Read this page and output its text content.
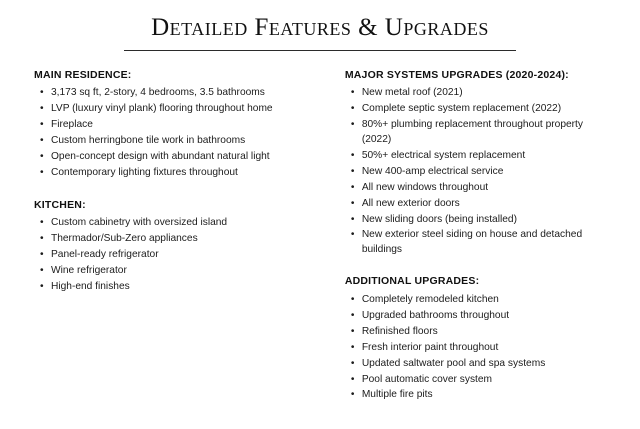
Detailed Features & Upgrades
MAIN RESIDENCE:
• 3,173 sq ft, 2-story, 4 bedrooms, 3.5 bathrooms
• LVP (luxury vinyl plank) flooring throughout home
• Fireplace
• Custom herringbone tile work in bathrooms
• Open-concept design with abundant natural light
• Contemporary lighting fixtures throughout
KITCHEN:
• Custom cabinetry with oversized island
• Thermador/Sub-Zero appliances
• Panel-ready refrigerator
• Wine refrigerator
• High-end finishes
MAJOR SYSTEMS UPGRADES (2020-2024):
• New metal roof (2021)
• Complete septic system replacement (2022)
• 80%+ plumbing replacement throughout property (2022)
• 50%+ electrical system replacement
• New 400-amp electrical service
• All new windows throughout
• All new exterior doors
• New sliding doors (being installed)
• New exterior steel siding on house and detached buildings
ADDITIONAL UPGRADES:
• Completely remodeled kitchen
• Upgraded bathrooms throughout
• Refinished floors
• Fresh interior paint throughout
• Updated saltwater pool and spa systems
• Pool automatic cover system
• Multiple fire pits
